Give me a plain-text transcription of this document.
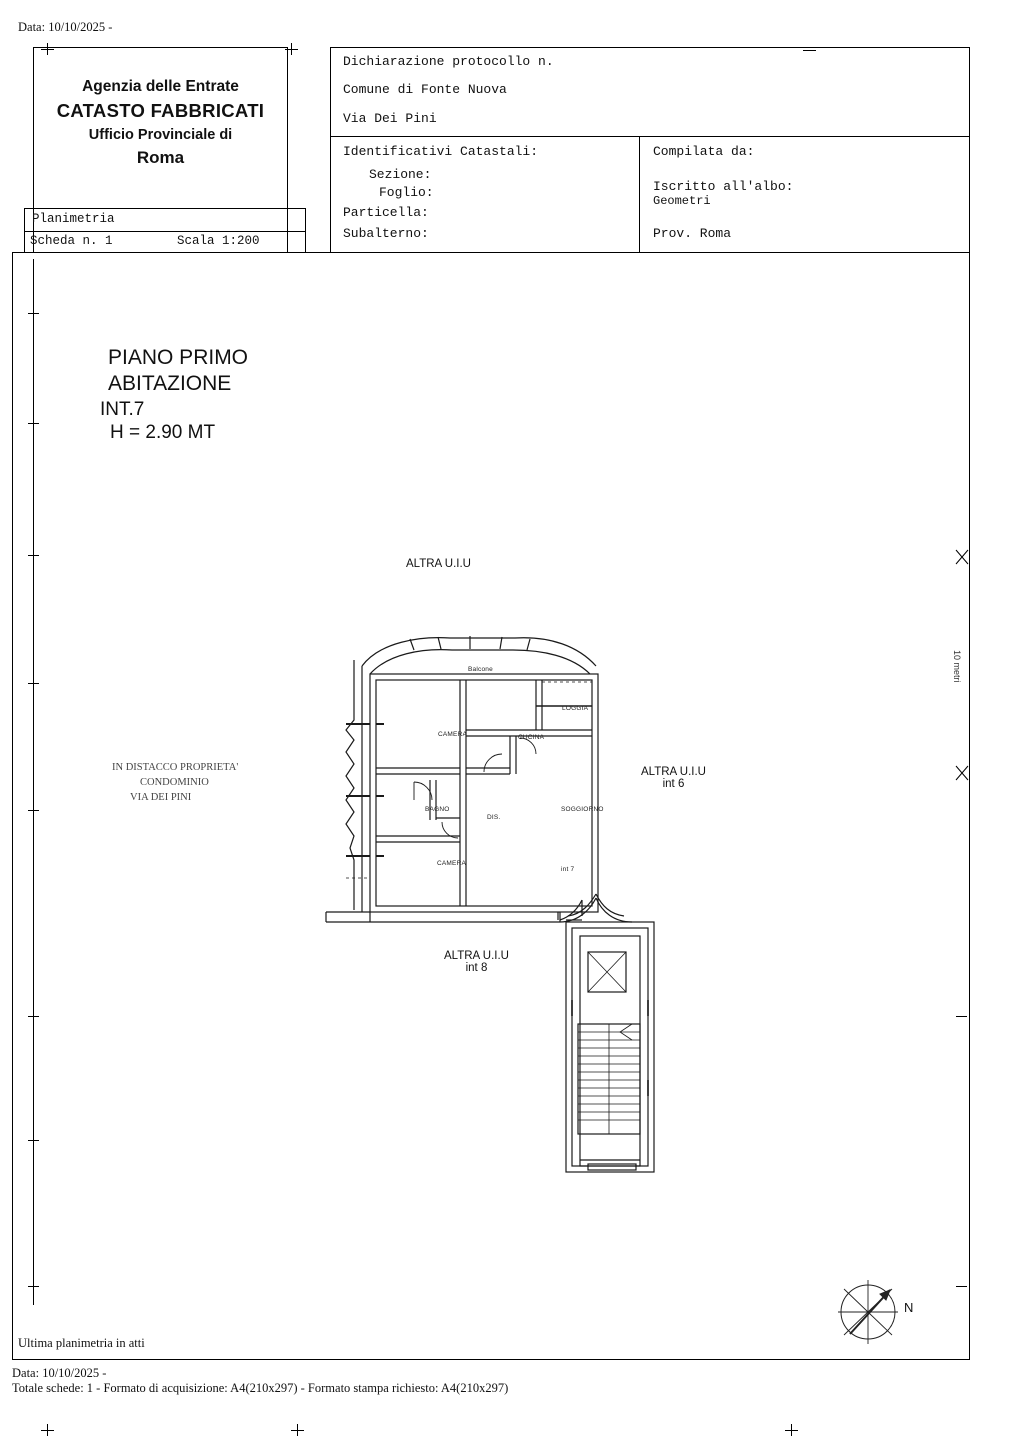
Data: 10/10/2025 -
Agenzia delle Entrate
CATASTO FABBRICATI
Ufficio Provinciale di
Roma
Planimetria
Scheda n. 1	Scala 1:200
Dichiarazione protocollo n.
Comune di Fonte Nuova
Via Dei Pini
Identificativi Catastali:
Sezione:
Foglio:
Particella:
Subalterno:
Compilata da:
Iscritto all'albo:
Geometri
Prov. Roma
PIANO PRIMO
ABITAZIONE
INT.7
H = 2.90 MT
ALTRA U.I.U
ALTRA U.I.U
int 6
ALTRA U.I.U
int 8
IN DISTACCO PROPRIETA'
CONDOMINIO
VIA DEI PINI
10 metri
Balcone
CAMERA	CUCINA
LOGGIA
BAGNO
DIS.
SOGGIORNO
CAMERA
int 7
N
Ultima planimetria in atti
Data: 10/10/2025 -
Totale schede: 1 - Formato di acquisizione: A4(210x297) - Formato stampa richiesto: A4(210x297)
